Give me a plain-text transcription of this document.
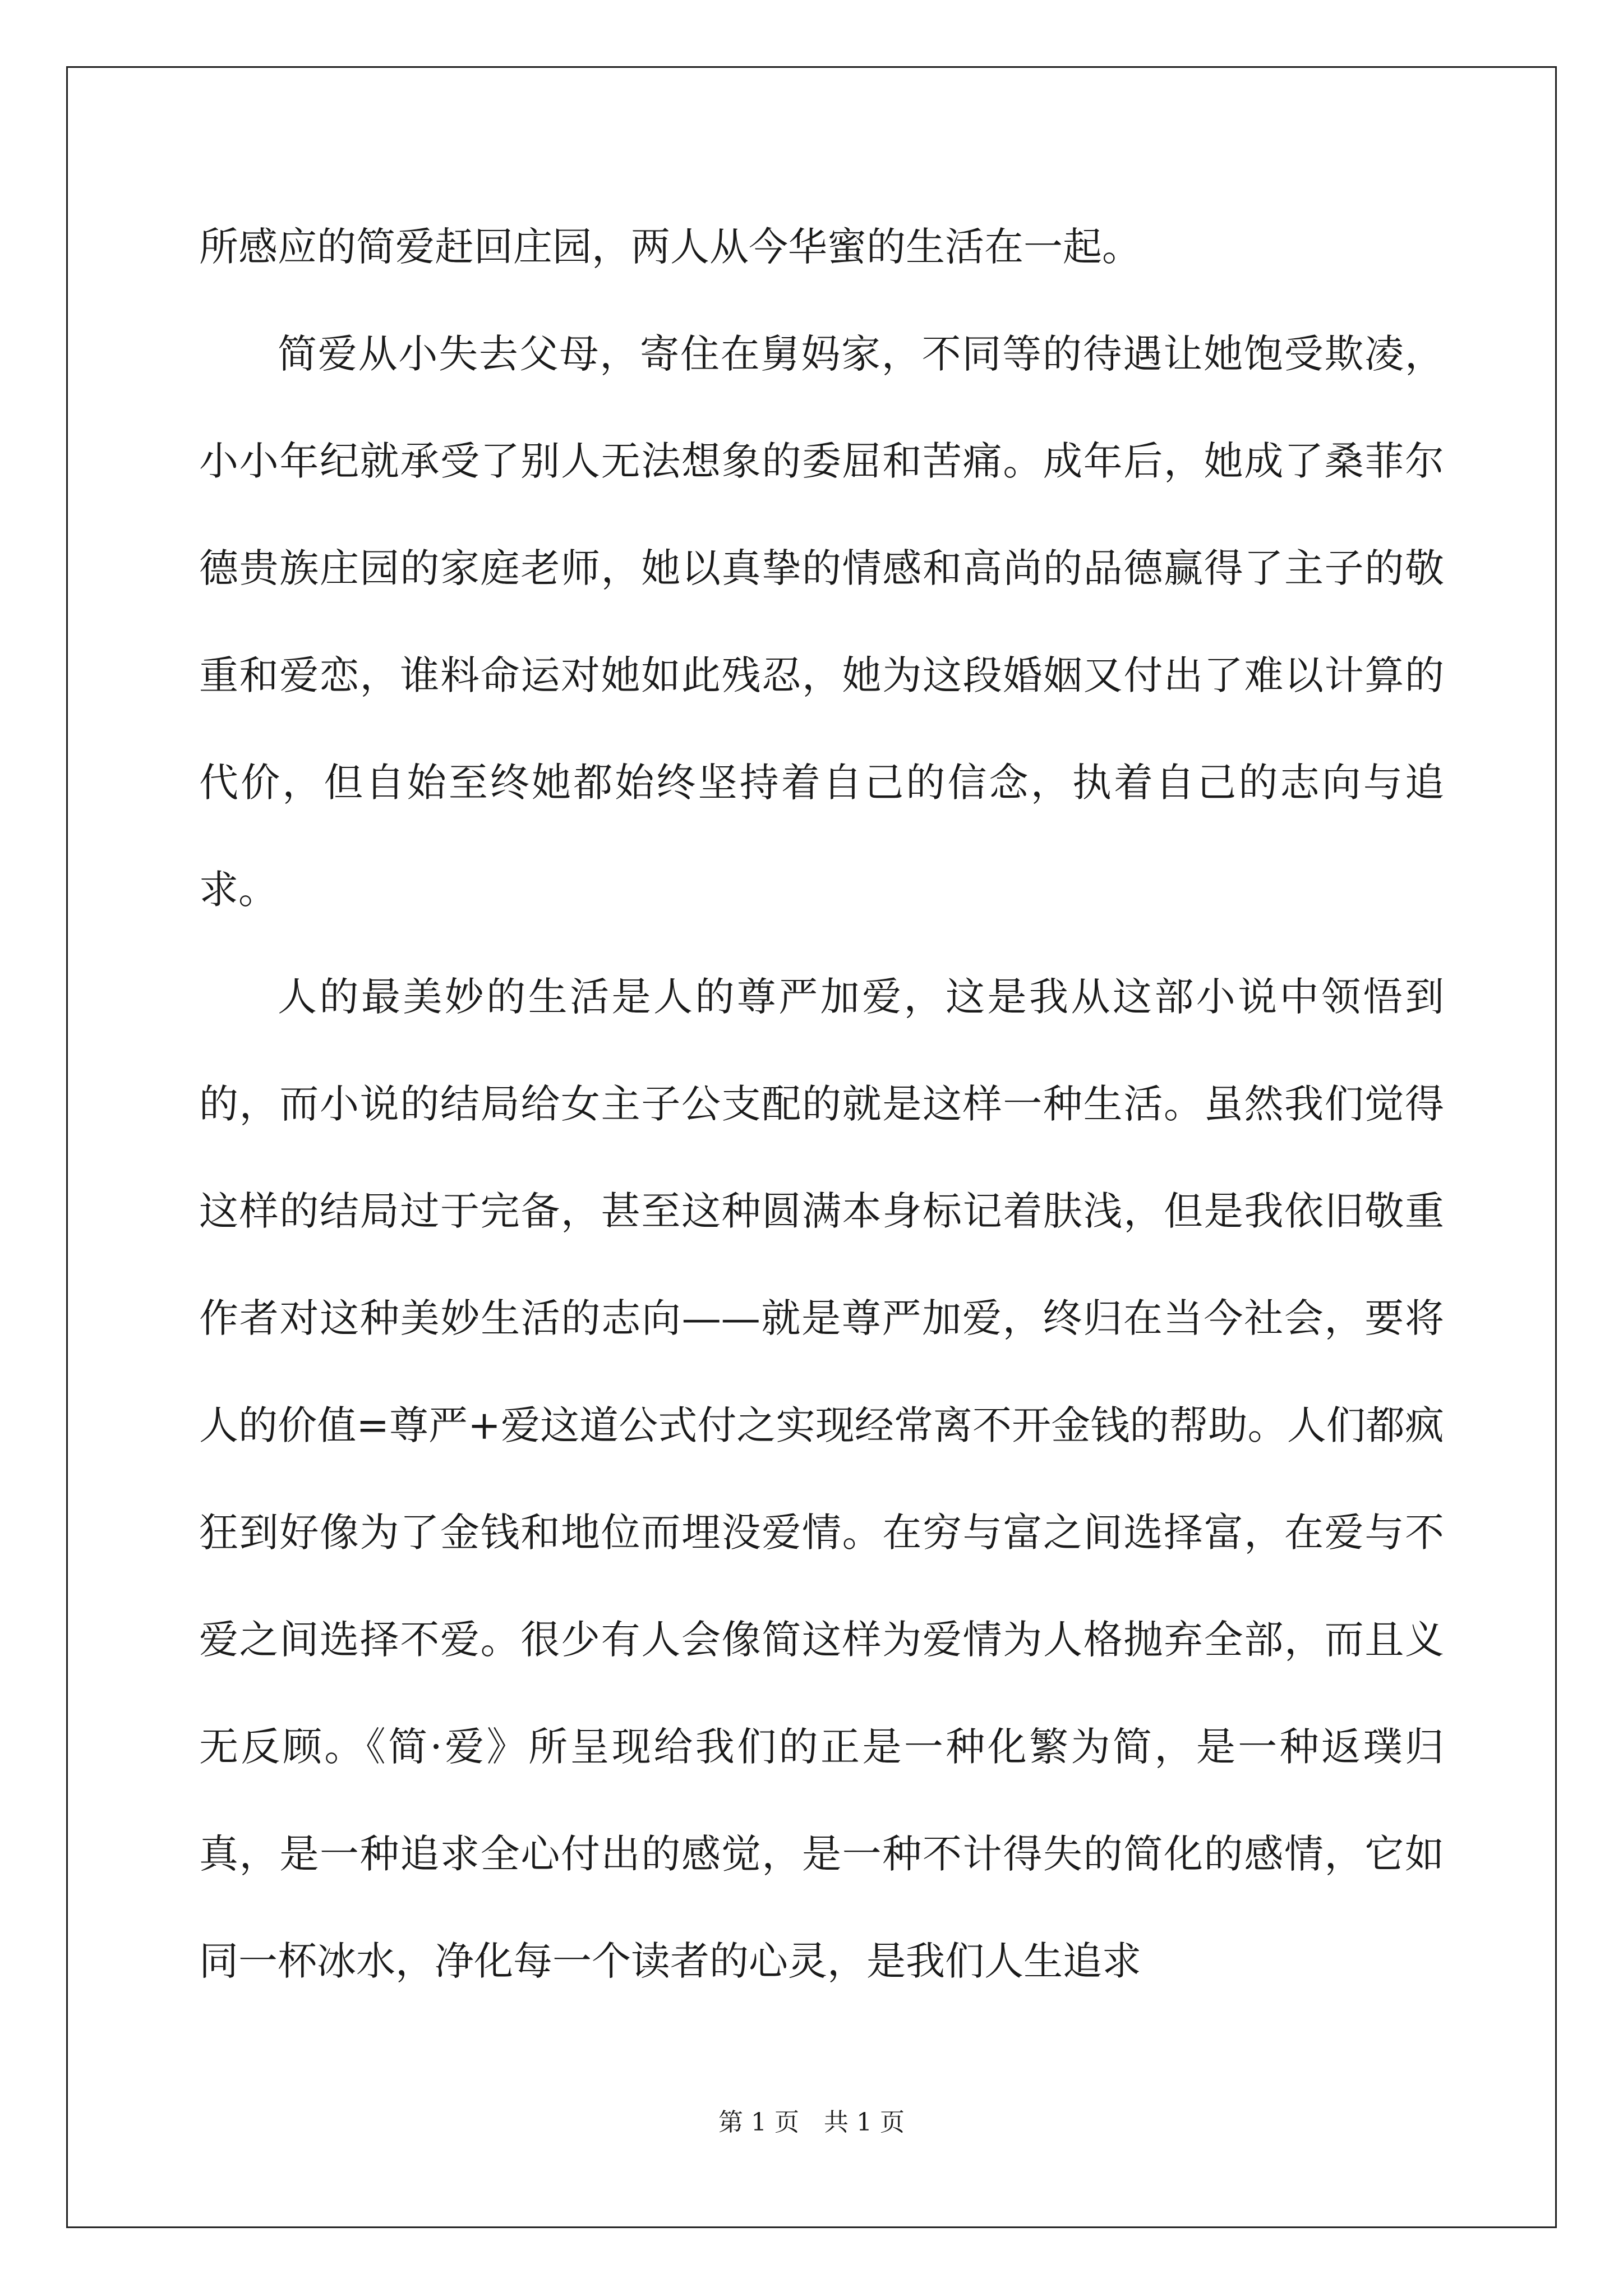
所感应的简爱赶回庄园，两人从今华蜜的生活在一起。

简爱从小失去父母，寄住在舅妈家，不同等的待遇让她饱受欺凌，小小年纪就承受了别人无法想象的委屈和苦痛。成年后，她成了桑菲尔德贵族庄园的家庭老师，她以真挚的情感和高尚的品德赢得了主子的敬重和爱恋，谁料命运对她如此残忍，她为这段婚姻又付出了难以计算的代价，但自始至终她都始终坚持着自己的信念，执着自己的志向与追求。

人的最美妙的生活是人的尊严加爱，这是我从这部小说中领悟到的，而小说的结局给女主子公支配的就是这样一种生活。虽然我们觉得这样的结局过于完备，甚至这种圆满本身标记着肤浅，但是我依旧敬重作者对这种美妙生活的志向——就是尊严加爱，终归在当今社会，要将人的价值=尊严+爱这道公式付之实现经常离不开金钱的帮助。人们都疯狂到好像为了金钱和地位而埋没爱情。在穷与富之间选择富，在爱与不爱之间选择不爱。很少有人会像简这样为爱情为人格抛弃全部，而且义无反顾。《简·爱》所呈现给我们的正是一种化繁为简，是一种返璞归真，是一种追求全心付出的感觉，是一种不计得失的简化的感情，它如同一杯冰水，净化每一个读者的心灵，是我们人生追求

第 1 页　共 1 页
